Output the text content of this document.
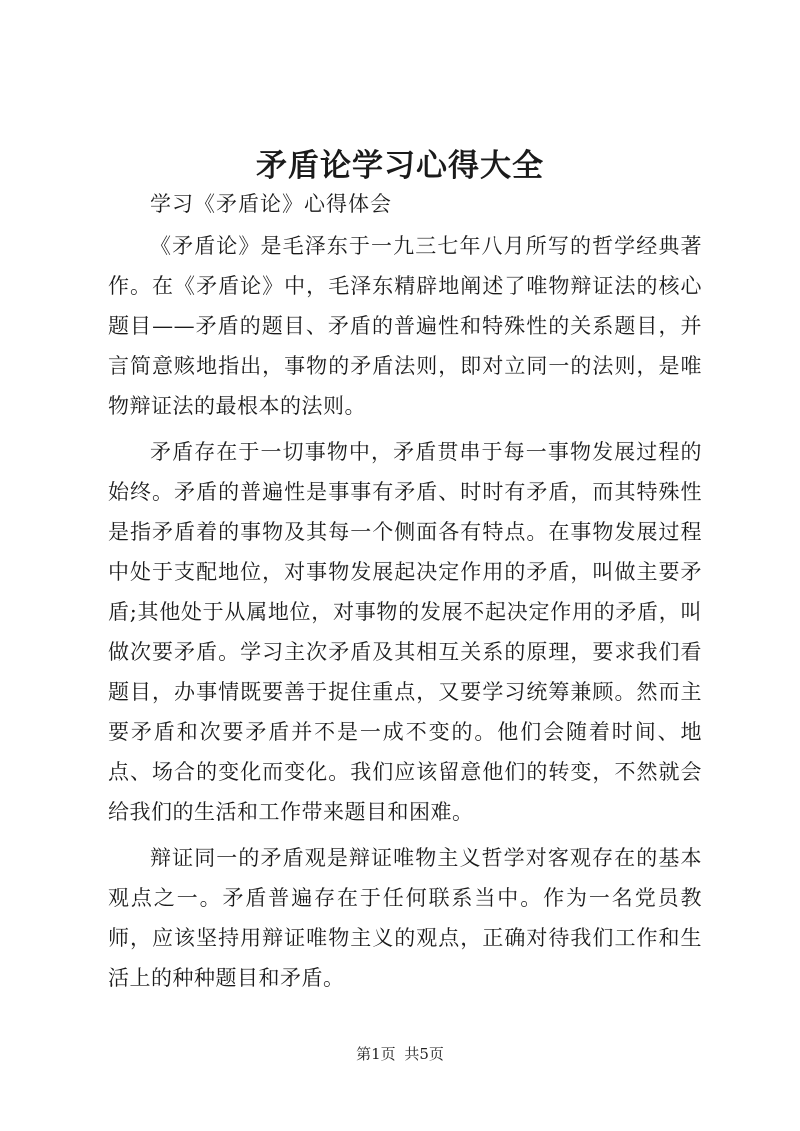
矛盾论学习心得大全

学习《矛盾论》心得体会

《矛盾论》是毛泽东于一九三七年八月所写的哲学经典著作。在《矛盾论》中，毛泽东精辟地阐述了唯物辩证法的核心题目——矛盾的题目、矛盾的普遍性和特殊性的关系题目，并言简意赅地指出，事物的矛盾法则，即对立同一的法则，是唯物辩证法的最根本的法则。

矛盾存在于一切事物中，矛盾贯串于每一事物发展过程的始终。矛盾的普遍性是事事有矛盾、时时有矛盾，而其特殊性是指矛盾着的事物及其每一个侧面各有特点。在事物发展过程中处于支配地位，对事物发展起决定作用的矛盾，叫做主要矛盾;其他处于从属地位，对事物的发展不起决定作用的矛盾，叫做次要矛盾。学习主次矛盾及其相互关系的原理，要求我们看题目，办事情既要善于捉住重点，又要学习统筹兼顾。然而主要矛盾和次要矛盾并不是一成不变的。他们会随着时间、地点、场合的变化而变化。我们应该留意他们的转变，不然就会给我们的生活和工作带来题目和困难。

辩证同一的矛盾观是辩证唯物主义哲学对客观存在的基本观点之一。矛盾普遍存在于任何联系当中。作为一名党员教师，应该坚持用辩证唯物主义的观点，正确对待我们工作和生活上的种种题目和矛盾。

第1页 共5页
